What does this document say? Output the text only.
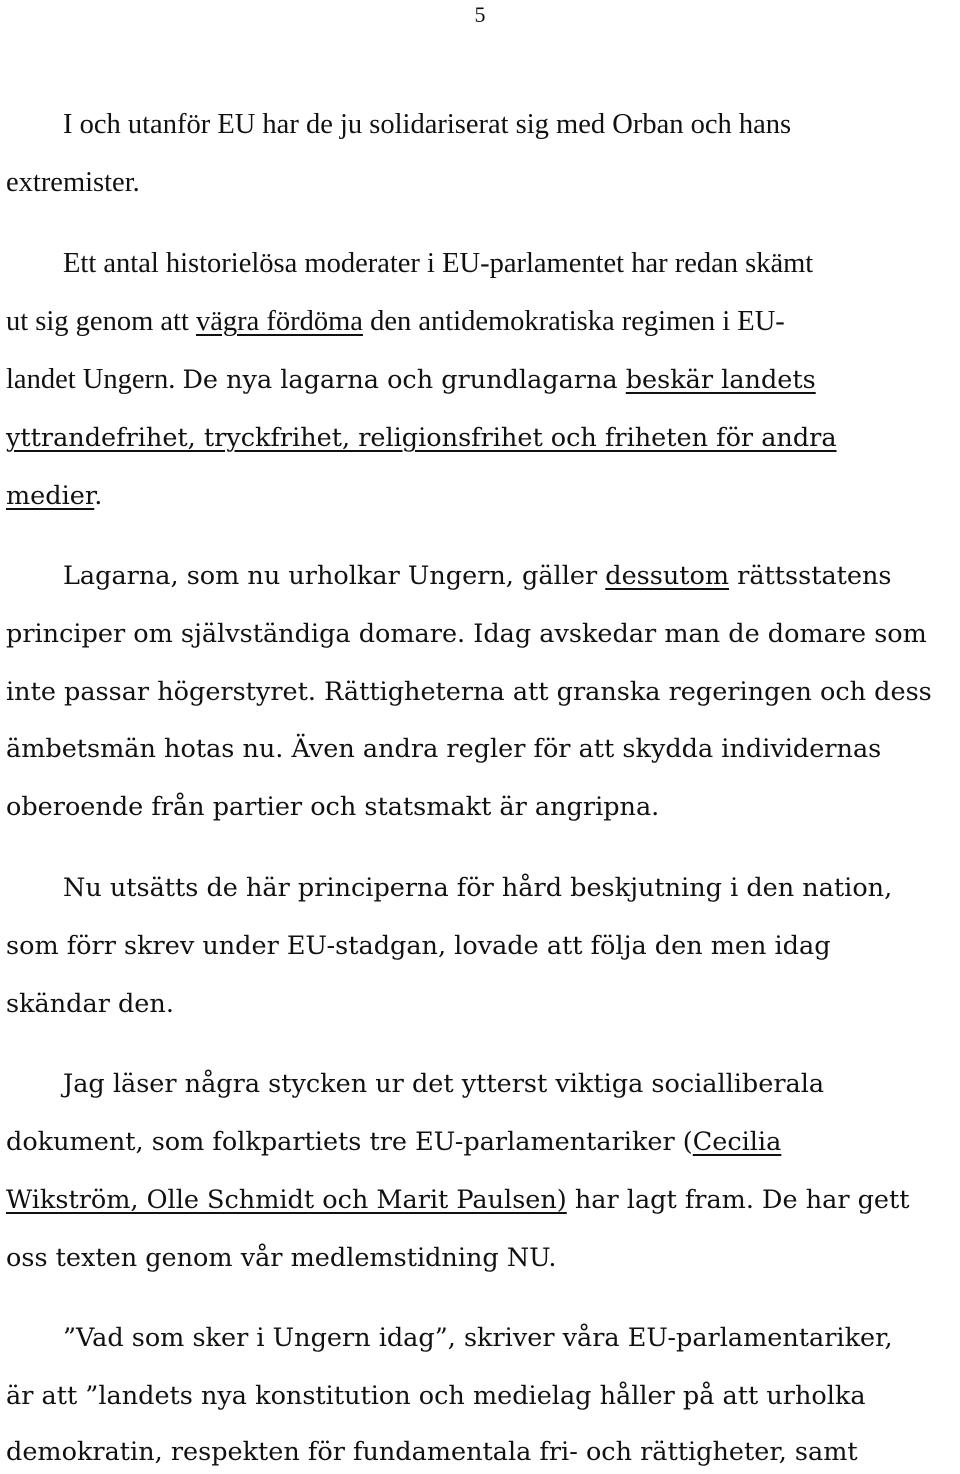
5
I och utanför EU har de ju solidariserat sig med Orban och hans
extremister.
Ett antal historielösa moderater i EU-parlamentet har redan skämt
ut sig genom att vägra fördöma den antidemokratiska regimen i EU-
landet Ungern. De nya lagarna och grundlagarna beskär landets
yttrandefrihet, tryckfrihet, religionsfrihet och friheten för andra
medier.
Lagarna, som nu urholkar Ungern, gäller dessutom rättsstatens
principer om självständiga domare. Idag avskedar man de domare som
inte passar högerstyret. Rättigheterna att granska regeringen och dess
ämbetsmän hotas nu. Även andra regler för att skydda individernas
oberoende från partier och statsmakt är angripna.
Nu utsätts de här principerna för hård beskjutning i den nation,
som förr skrev under EU-stadgan, lovade att följa den men idag
skändar den.
Jag läser några stycken ur det ytterst viktiga socialliberala
dokument, som folkpartiets tre EU-parlamentariker (Cecilia
Wikström, Olle Schmidt och Marit Paulsen) har lagt fram. De har gett
oss texten genom vår medlemstidning NU.
”Vad som sker i Ungern idag”, skriver våra EU-parlamentariker,
är att ”landets nya konstitution och medielag håller på att urholka
demokratin, respekten för fundamentala fri- och rättigheter, samt
